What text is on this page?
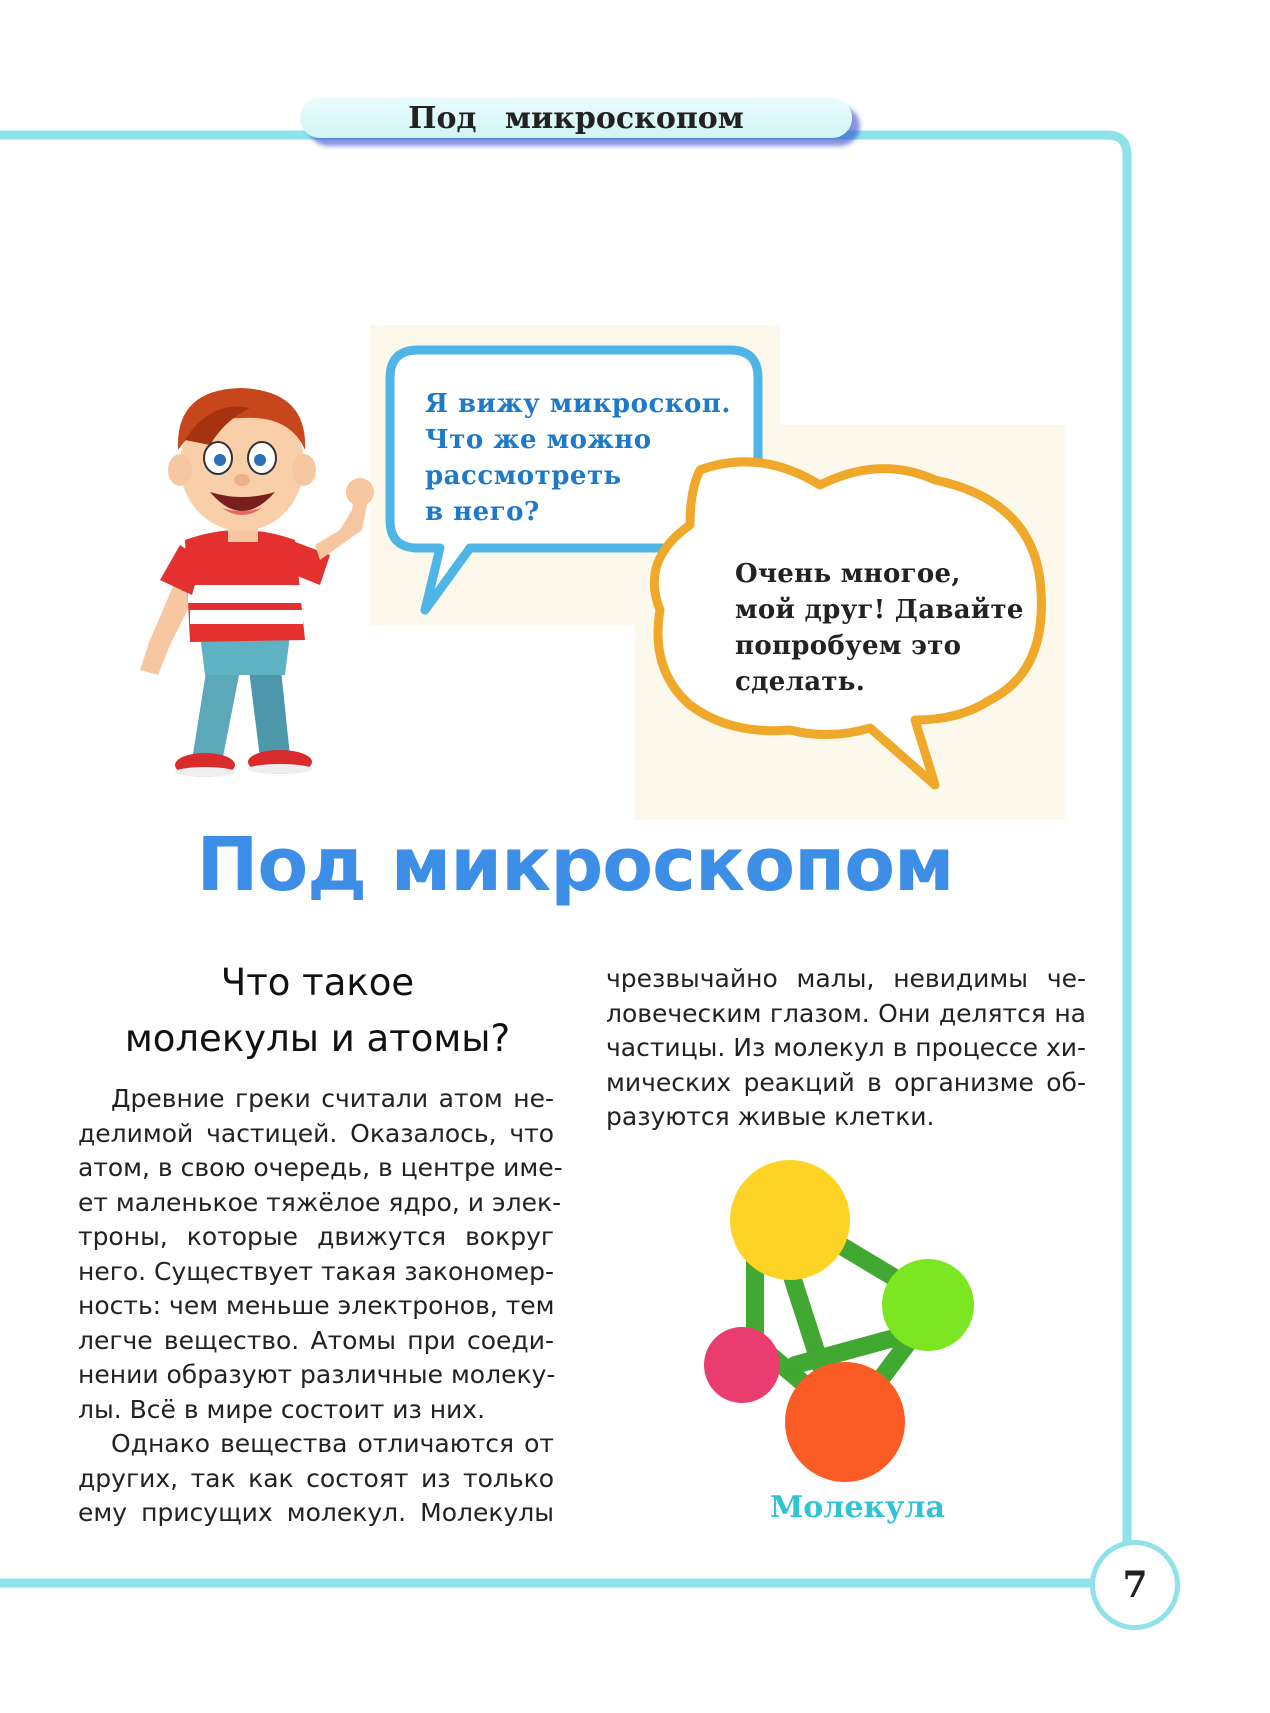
Под микроскопом
Я вижу микроскоп.
Что же можно
рассмотреть
в него?
Очень многое,
мой друг! Давайте
попробуем это
сделать.
Под микроскопом
Что такое
молекулы и атомы?
Древние греки считали атом не-
делимой частицей. Оказалось, что
атом, в свою очередь, в центре име-
ет маленькое тяжёлое ядро, и элек-
троны, которые движутся вокруг
него. Существует такая закономер-
ность: чем меньше электронов, тем
легче вещество. Атомы при соеди-
нении образуют различные молеку-
лы. Всё в мире состоит из них.
Однако вещества отличаются от
других, так как состоят из только
ему присущих молекул. Молекулы
чрезвычайно малы, невидимы че-
ловеческим глазом. Они делятся на
частицы. Из молекул в процессе хи-
мических реакций в организме об-
разуются живые клетки.
Молекула
7
